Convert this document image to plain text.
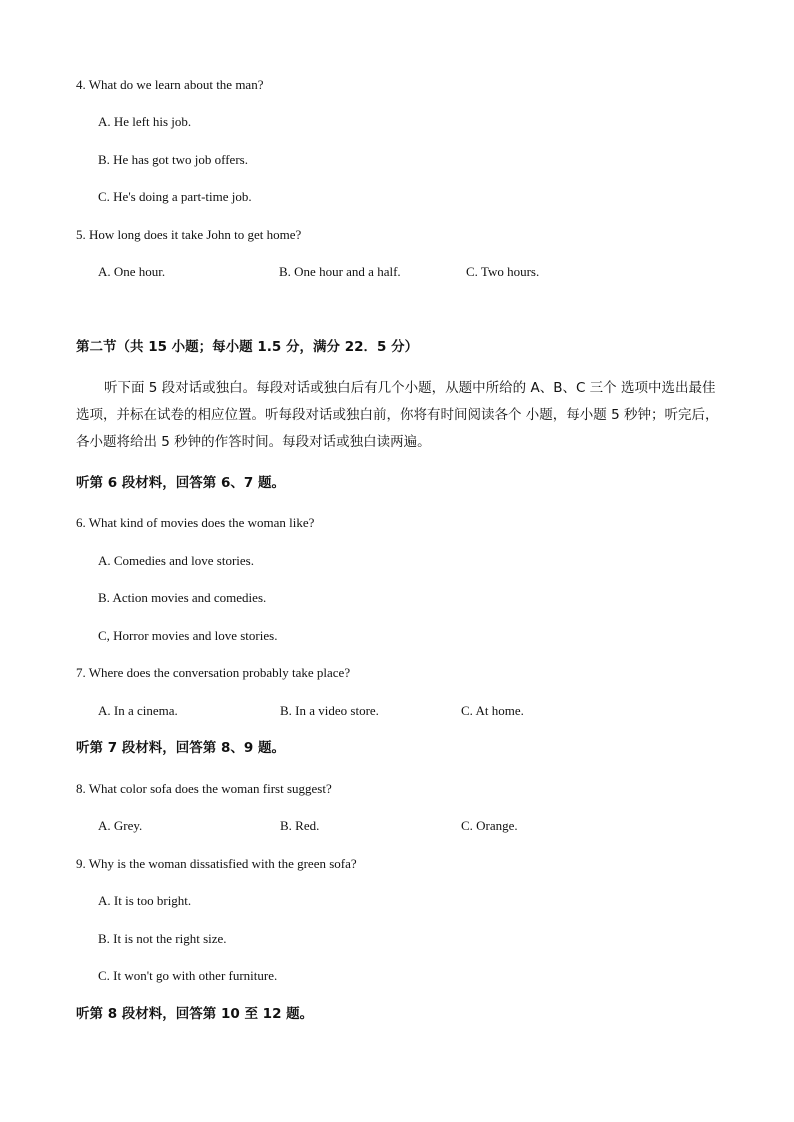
4. What do we learn about the man?
A. He left his job.
B. He has got two job offers.
C. He's doing a part-time job.
5. How long does it take John to get home?
A. One hour.	B. One hour and a half.	C. Two hours.
第二节（共 15 小题；每小题 1.5 分，满分 22．5 分）
听下面 5 段对话或独白。每段对话或独白后有几个小题，从题中所给的 A、B、C 三个 选项中选出最佳选项，并标在试卷的相应位置。听每段对话或独白前，你将有时间阅读各个 小题，每小题 5 秒钟；听完后，各小题将给出 5 秒钟的作答时间。每段对话或独白读两遍。
听第 6 段材料，回答第 6、7 题。
6. What kind of movies does the woman like?
A. Comedies and love stories.
B. Action movies and comedies.
C, Horror movies and love stories.
7. Where does the conversation probably take place?
A. In a cinema.	B. In a video store.	C. At home.
听第 7 段材料，回答第 8、9 题。
8. What color sofa does the woman first suggest?
A. Grey.	B. Red.	C. Orange.
9. Why is the woman dissatisfied with the green sofa?
A. It is too bright.
B. It is not the right size.
C. It won't go with other furniture.
听第 8 段材料，回答第 10 至 12 题。
